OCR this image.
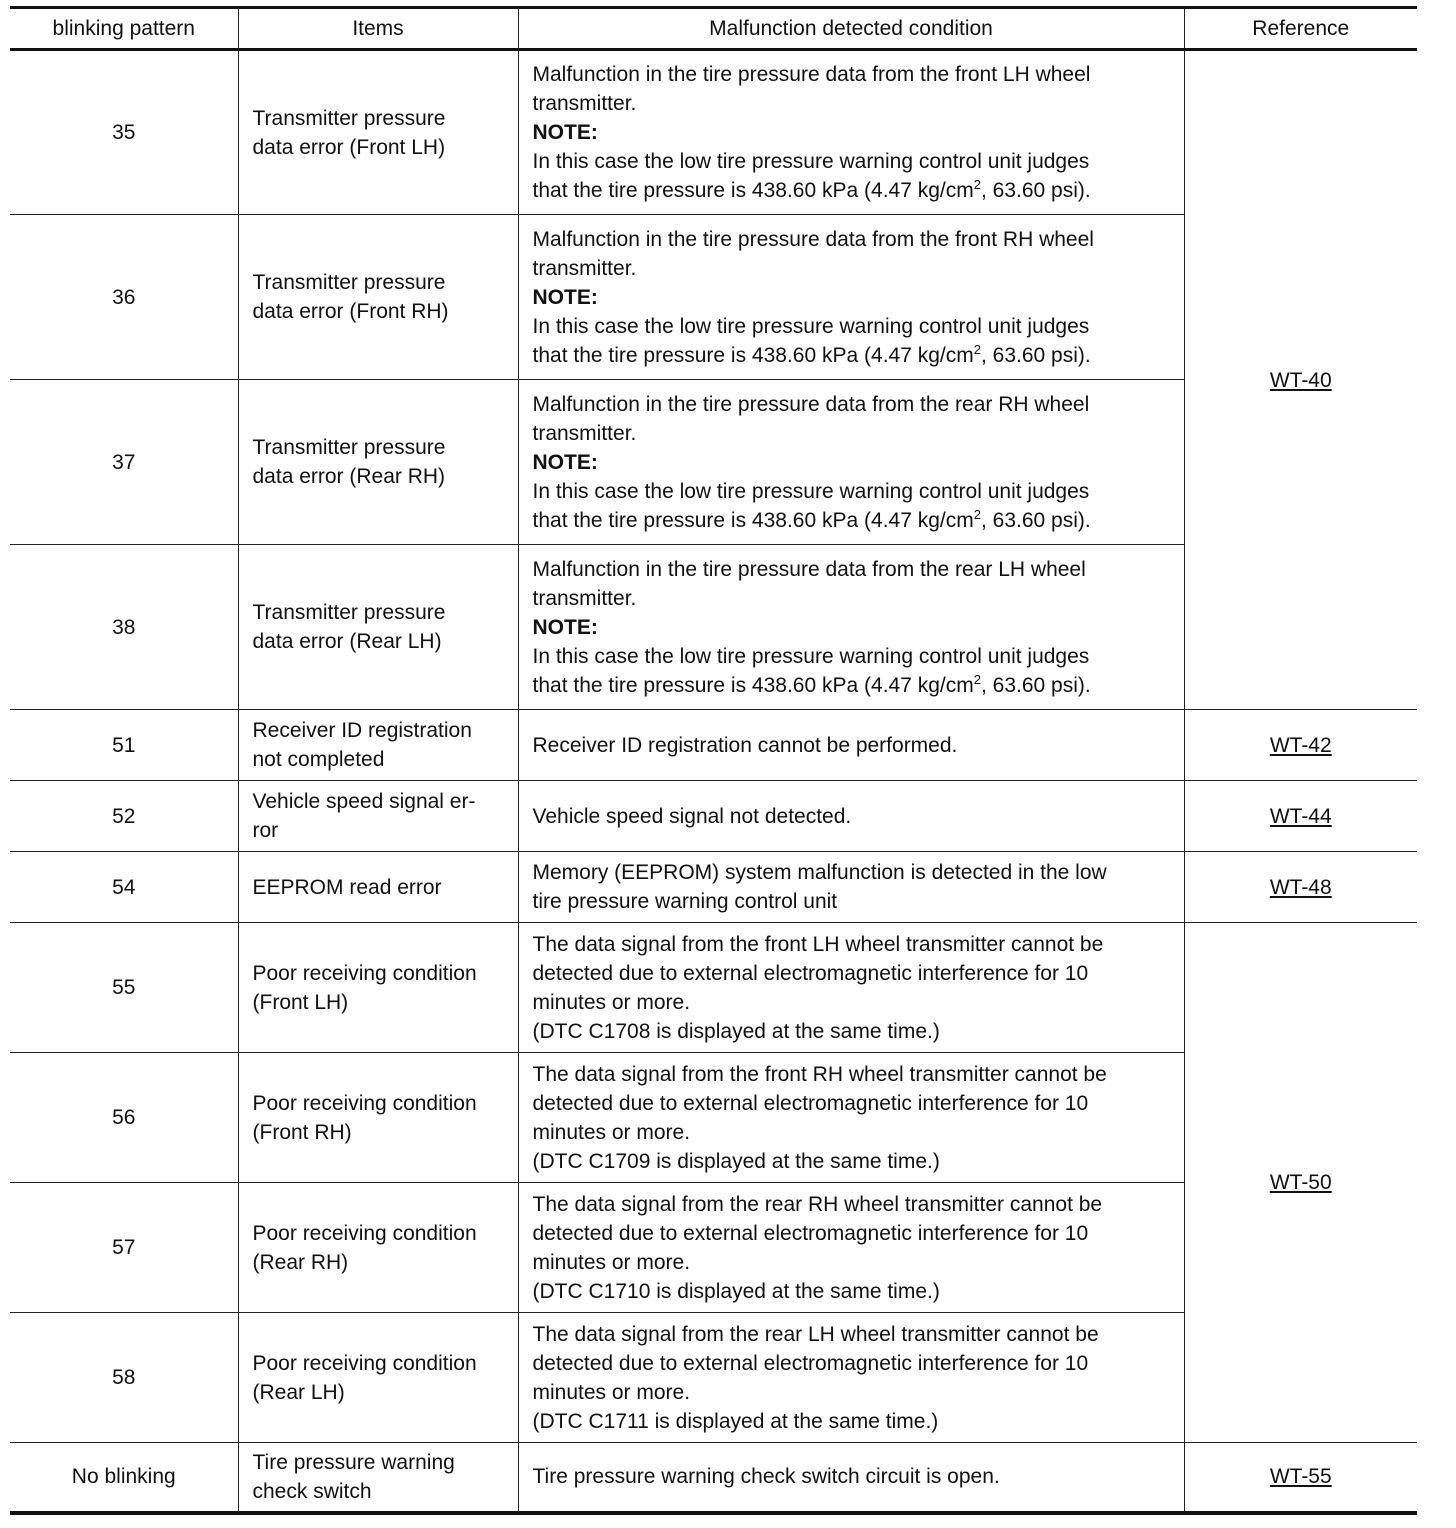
blinking pattern	Items	Malfunction detected condition	Reference
35	Transmitter pressure
data error (Front LH)	Malfunction in the tire pressure data from the front LH wheel
transmitter.
NOTE:
In this case the low tire pressure warning control unit judges
that the tire pressure is 438.60 kPa (4.47 $kg/cm^2$, 63.60 psi).	WT-40
36	Transmitter pressure
data error (Front RH)	Malfunction in the tire pressure data from the front RH wheel
transmitter.
NOTE:
In this case the low tire pressure warning control unit judges
that the tire pressure is 438.60 kPa (4.47 $kg/cm^2$, 63.60 psi).	
37	Transmitter pressure
data error (Rear RH)	Malfunction in the tire pressure data from the rear RH wheel
transmitter.
NOTE:
In this case the low tire pressure warning control unit judges
that the tire pressure is 438.60 kPa (4.47 $kg/cm^2$, 63.60 psi).	
38	Transmitter pressure
data error (Rear LH)	Malfunction in the tire pressure data from the rear LH wheel
transmitter.
NOTE:
In this case the low tire pressure warning control unit judges
that the tire pressure is 438.60 kPa (4.47 $kg/cm^2$, 63.60 psi).	
51	Receiver ID registration
not completed	Receiver ID registration cannot be performed.	WT-42
52	Vehicle speed signal er-
ror	Vehicle speed signal not detected.	WT-44
54	EEPROM read error	Memory (EEPROM) system malfunction is detected in the low
tire pressure warning control unit	WT-48
55	Poor receiving condition
(Front LH)	The data signal from the front LH wheel transmitter cannot be
detected due to external electromagnetic interference for 10
minutes or more.
(DTC C1708 is displayed at the same time.)	WT-50
56	Poor receiving condition
(Front RH)	The data signal from the front RH wheel transmitter cannot be
detected due to external electromagnetic interference for 10
minutes or more.
(DTC C1709 is displayed at the same time.)	
57	Poor receiving condition
(Rear RH)	The data signal from the rear RH wheel transmitter cannot be
detected due to external electromagnetic interference for 10
minutes or more.
(DTC C1710 is displayed at the same time.)	
58	Poor receiving condition
(Rear LH)	The data signal from the rear LH wheel transmitter cannot be
detected due to external electromagnetic interference for 10
minutes or more.
(DTC C1711 is displayed at the same time.)	
No blinking	Tire pressure warning
check switch	Tire pressure warning check switch circuit is open.	WT-55
